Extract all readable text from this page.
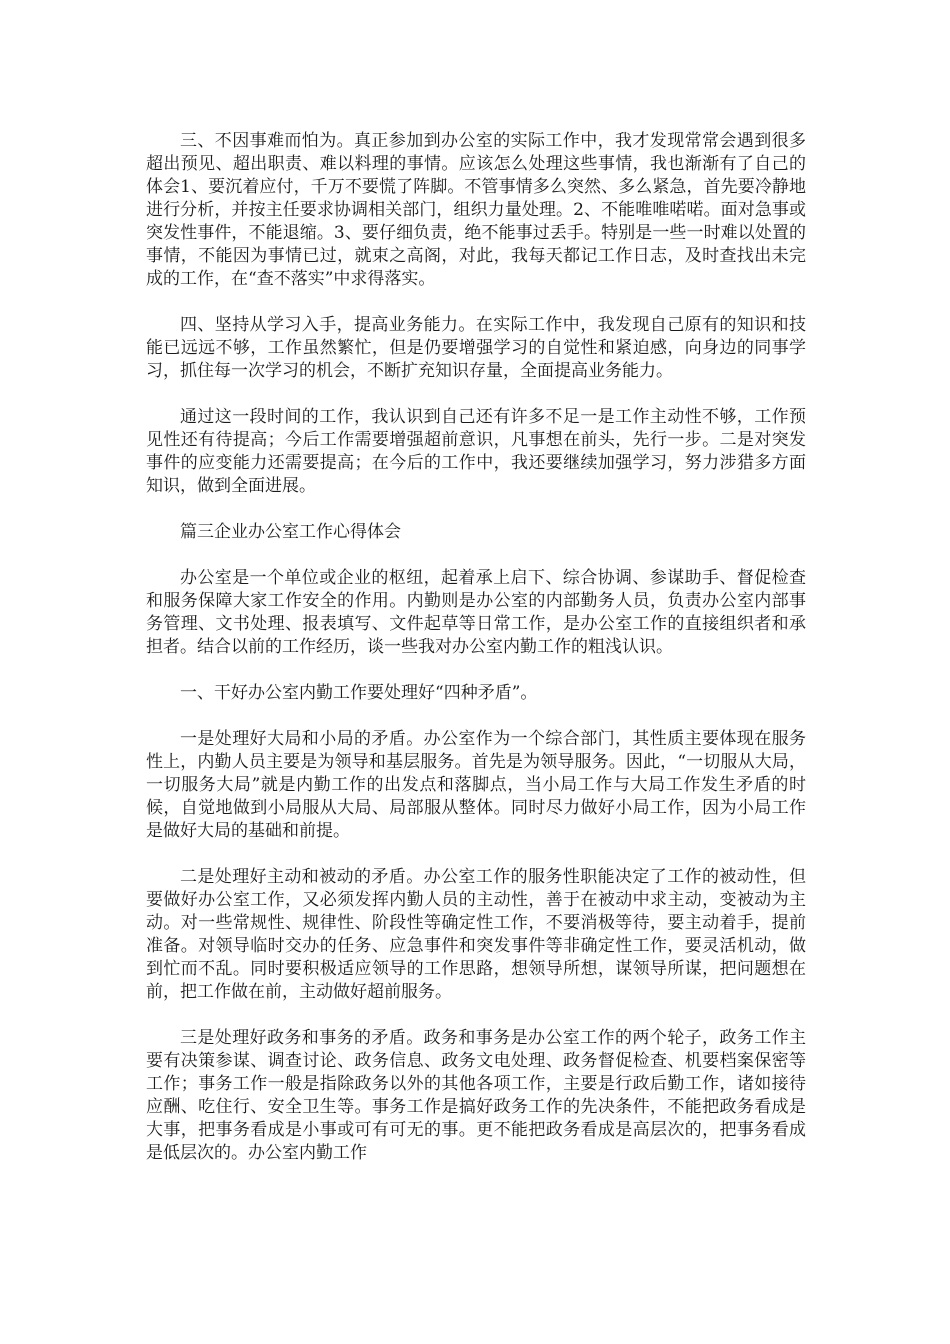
三、不因事难而怕为。真正参加到办公室的实际工作中，我才发现常常会遇到很多超出预见、超出职责、难以料理的事情。应该怎么处理这些事情，我也渐渐有了自己的体会1、要沉着应付，千万不要慌了阵脚。不管事情多么突然、多么紧急，首先要冷静地进行分析，并按主任要求协调相关部门，组织力量处理。2、不能唯唯喏喏。面对急事或突发性事件，不能退缩。3、要仔细负责，绝不能事过丢手。特别是一些一时难以处置的事情，不能因为事情已过，就束之高阁，对此，我每天都记工作日志，及时查找出未完成的工作，在“查不落实”中求得落实。

四、坚持从学习入手，提高业务能力。在实际工作中，我发现自己原有的知识和技能已远远不够，工作虽然繁忙，但是仍要增强学习的自觉性和紧迫感，向身边的同事学习，抓住每一次学习的机会，不断扩充知识存量，全面提高业务能力。

通过这一段时间的工作，我认识到自己还有许多不足一是工作主动性不够，工作预见性还有待提高；今后工作需要增强超前意识，凡事想在前头，先行一步。二是对突发事件的应变能力还需要提高；在今后的工作中，我还要继续加强学习，努力涉猎多方面知识，做到全面进展。

篇三企业办公室工作心得体会

办公室是一个单位或企业的枢纽，起着承上启下、综合协调、参谋助手、督促检查和服务保障大家工作安全的作用。内勤则是办公室的内部勤务人员，负责办公室内部事务管理、文书处理、报表填写、文件起草等日常工作，是办公室工作的直接组织者和承担者。结合以前的工作经历，谈一些我对办公室内勤工作的粗浅认识。

一、干好办公室内勤工作要处理好“四种矛盾”。

一是处理好大局和小局的矛盾。办公室作为一个综合部门，其性质主要体现在服务性上，内勤人员主要是为领导和基层服务。首先是为领导服务。因此，“一切服从大局，一切服务大局”就是内勤工作的出发点和落脚点，当小局工作与大局工作发生矛盾的时候，自觉地做到小局服从大局、局部服从整体。同时尽力做好小局工作，因为小局工作是做好大局的基础和前提。

二是处理好主动和被动的矛盾。办公室工作的服务性职能决定了工作的被动性，但要做好办公室工作，又必须发挥内勤人员的主动性，善于在被动中求主动，变被动为主动。对一些常规性、规律性、阶段性等确定性工作，不要消极等待，要主动着手，提前准备。对领导临时交办的任务、应急事件和突发事件等非确定性工作，要灵活机动，做到忙而不乱。同时要积极适应领导的工作思路，想领导所想，谋领导所谋，把问题想在前，把工作做在前，主动做好超前服务。

三是处理好政务和事务的矛盾。政务和事务是办公室工作的两个轮子，政务工作主要有决策参谋、调查讨论、政务信息、政务文电处理、政务督促检查、机要档案保密等工作；事务工作一般是指除政务以外的其他各项工作，主要是行政后勤工作，诸如接待应酬、吃住行、安全卫生等。事务工作是搞好政务工作的先决条件，不能把政务看成是大事，把事务看成是小事或可有可无的事。更不能把政务看成是高层次的，把事务看成是低层次的。办公室内勤工作
